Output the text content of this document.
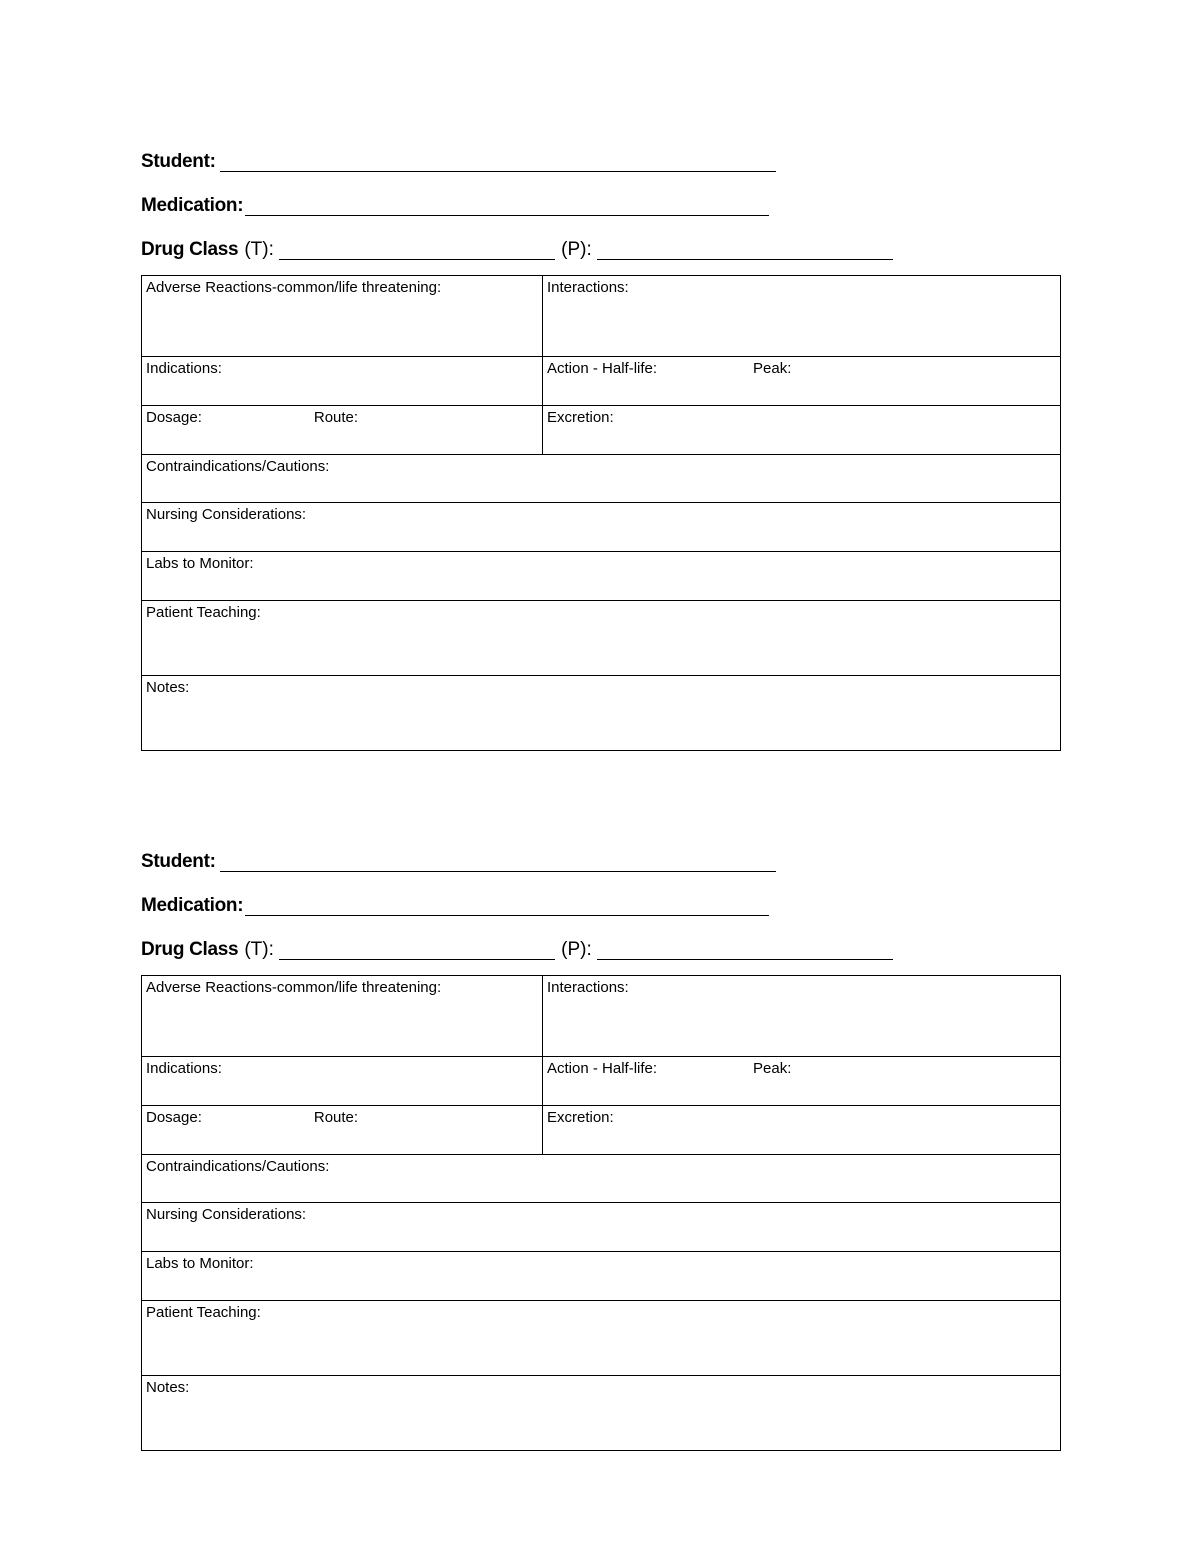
Student:
Medication:
Drug Class (T):
	(P):

Adverse Reactions-common/life threatening:	Interactions:
Indications:	Action - Half-life: Peak:
Dosage: Route:	Excretion:
Contraindications/Cautions:	
Nursing Considerations:	
Labs to Monitor:	
Patient Teaching:	
Notes:	
Student:
Medication:
Drug Class (T):
	(P):

Adverse Reactions-common/life threatening:	Interactions:
Indications:	Action - Half-life: Peak:
Dosage: Route:	Excretion:
Contraindications/Cautions:	
Nursing Considerations:	
Labs to Monitor:	
Patient Teaching:	
Notes:	
